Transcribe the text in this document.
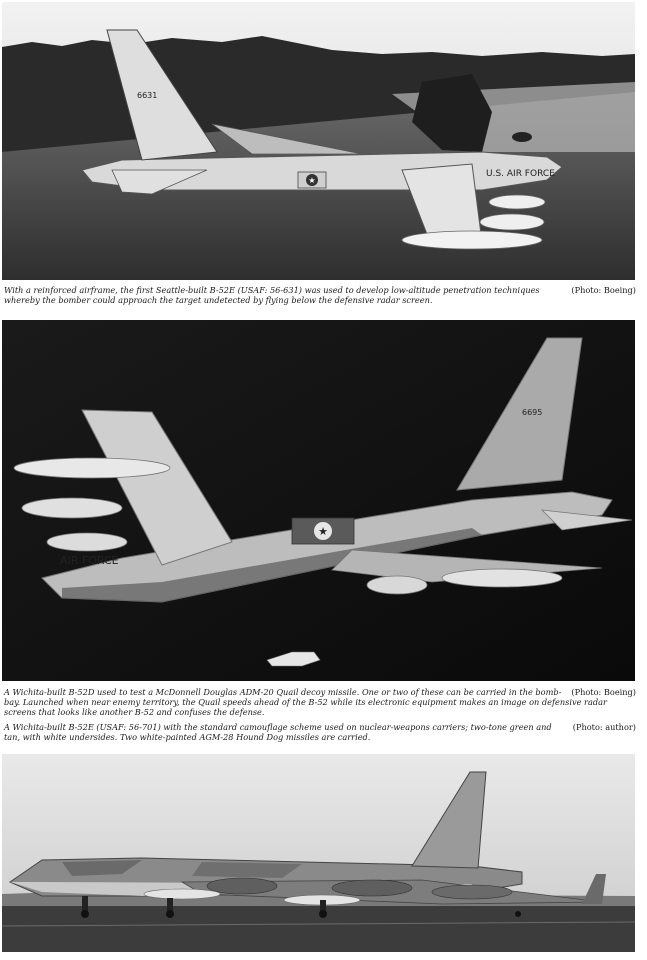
6631
★
U.S. AIR FORCE
(Photo: Boeing)
With a reinforced airframe, the first Seattle-built B-52E (USAF: 56-631) was used to develop low-altitude penetration techniques whereby the bomber could approach the target undetected by flying below the defensive radar screen.
6695
★
AIR FORCE
(Photo: Boeing)
A Wichita-built B-52D used to test a McDonnell Douglas ADM-20 Quail decoy missile. One or two of these can be carried in the bomb-bay. Launched when near enemy territory, the Quail speeds ahead of the B-52 while its electronic equipment makes an image on defensive radar screens that looks like another B-52 and confuses the defense.
(Photo: author)
A Wichita-built B-52E (USAF: 56-701) with the standard camouflage scheme used on nuclear-weapons carriers; two-tone green and tan, with white undersides. Two white-painted AGM-28 Hound Dog missiles are carried.
